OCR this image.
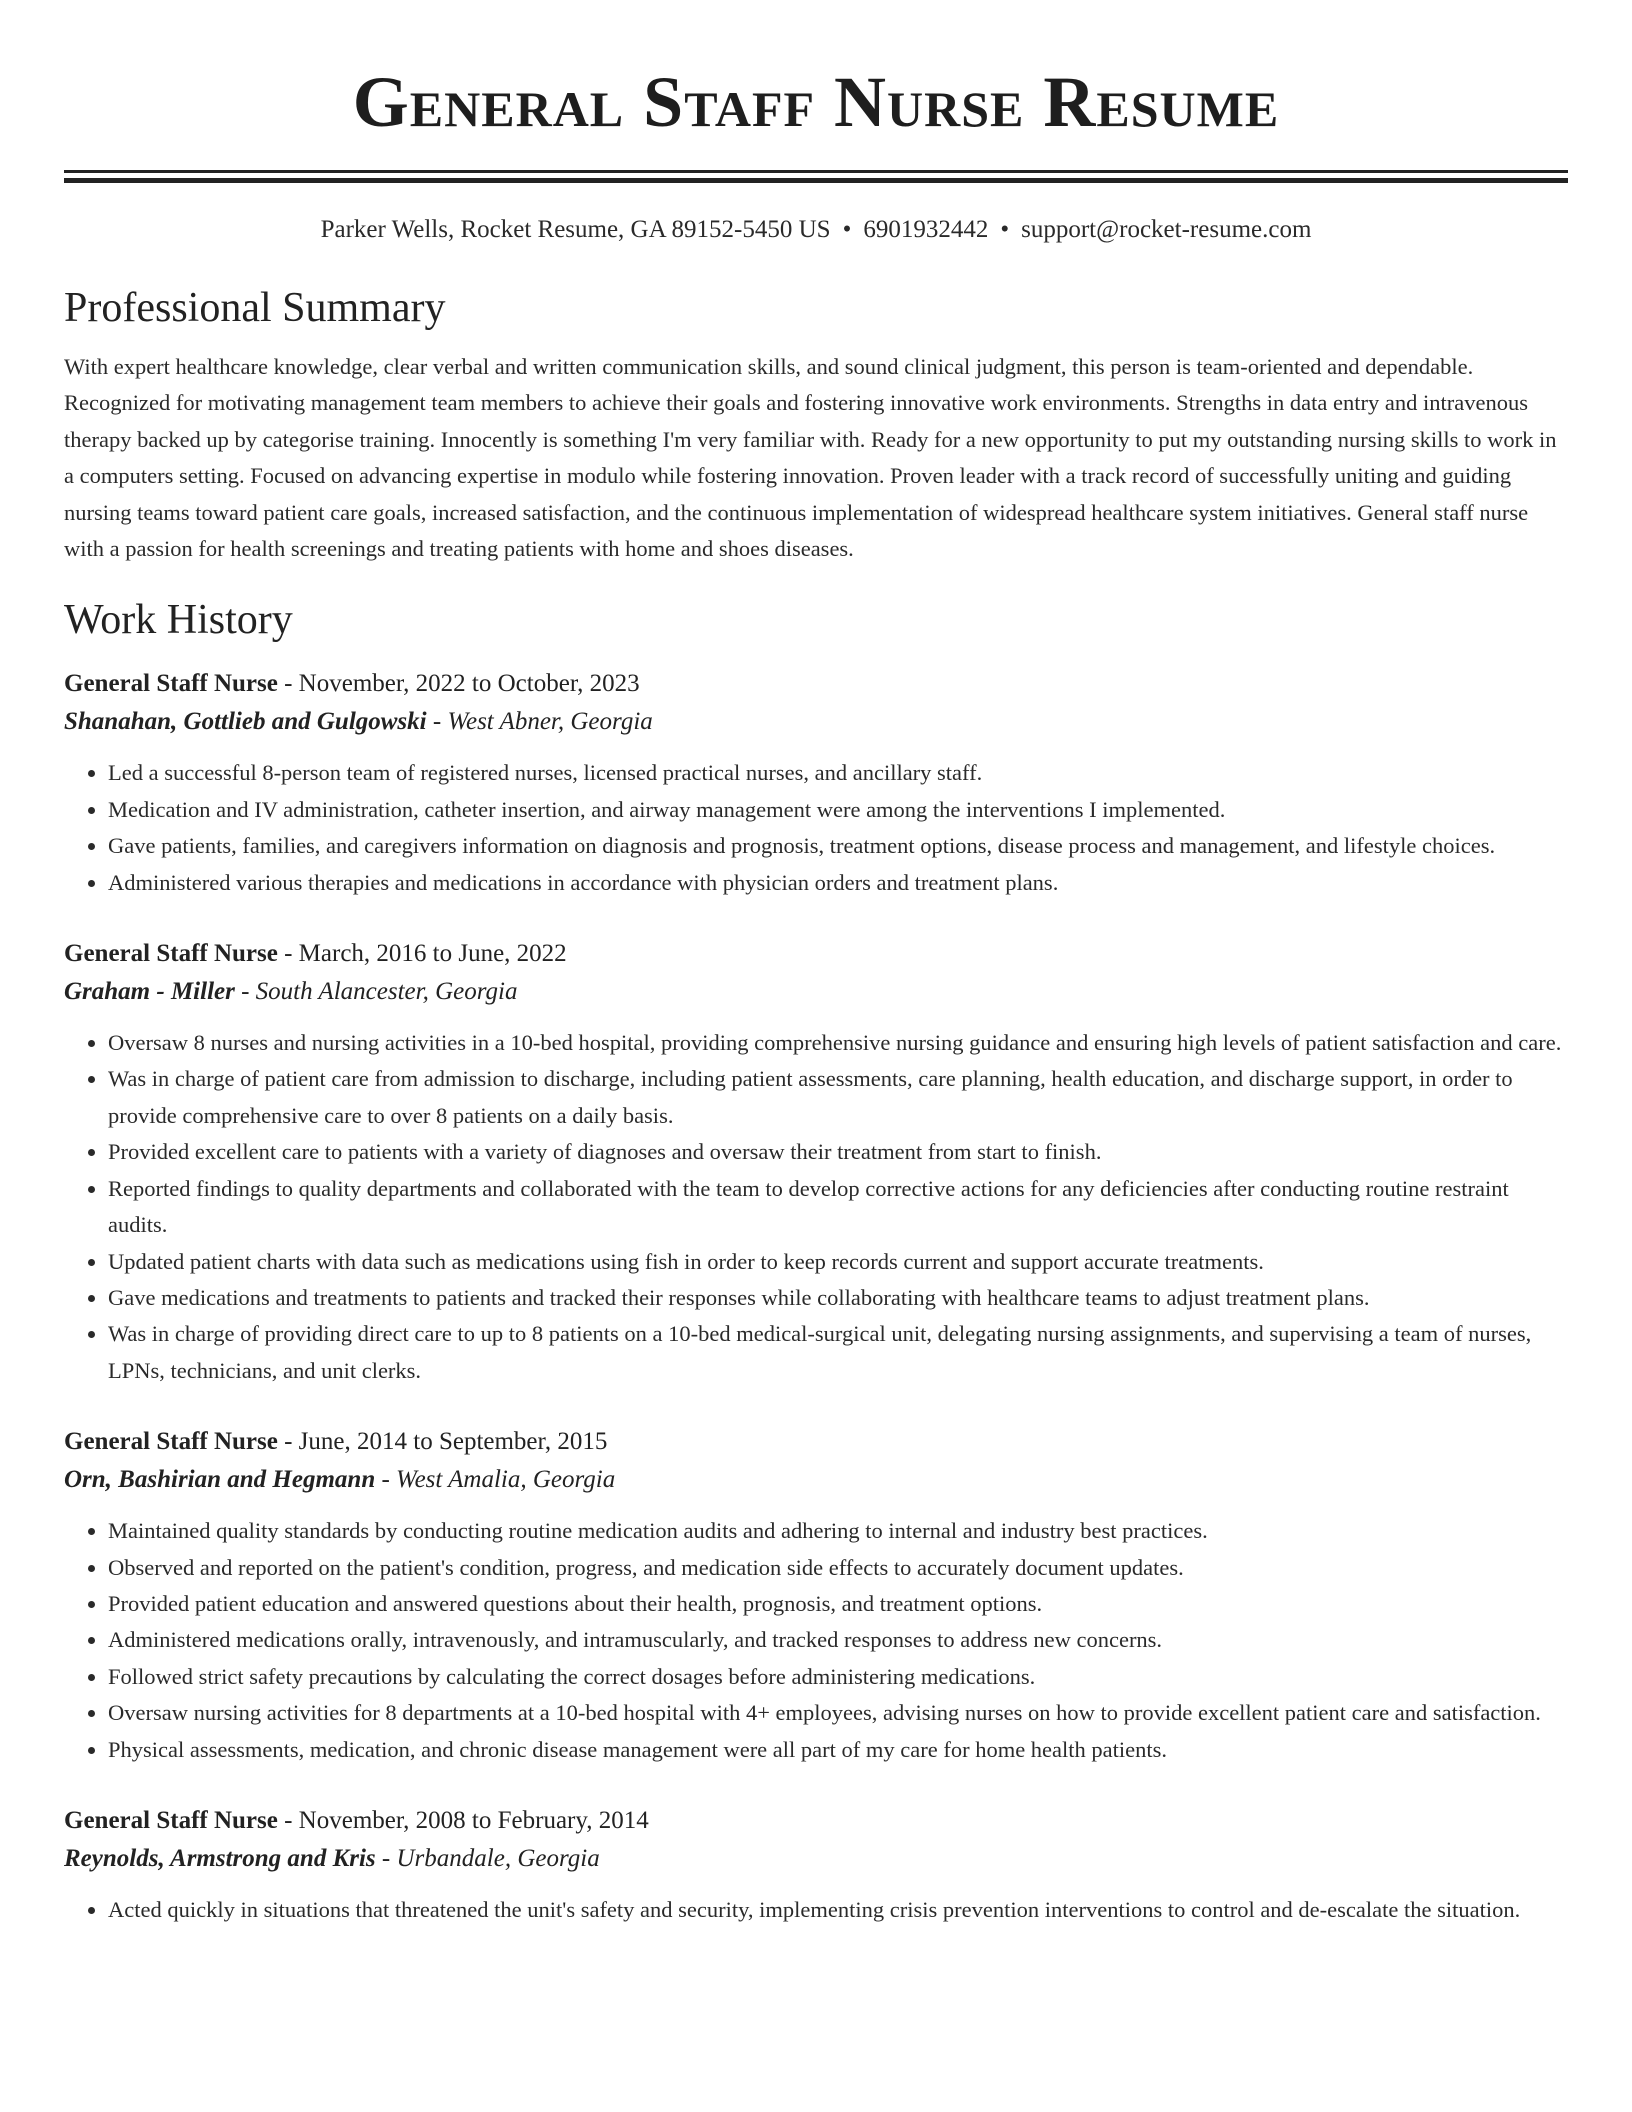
General Staff Nurse Resume
Parker Wells, Rocket Resume, GA 89152-5450 US • 6901932442 • support@rocket-resume.com
Professional Summary

With expert healthcare knowledge, clear verbal and written communication skills, and sound clinical judgment, this person is team-oriented and dependable. Recognized for motivating management team members to achieve their goals and fostering innovative work environments. Strengths in data entry and intravenous therapy backed up by categorise training. Innocently is something I'm very familiar with. Ready for a new opportunity to put my outstanding nursing skills to work in a computers setting. Focused on advancing expertise in modulo while fostering innovation. Proven leader with a track record of successfully uniting and guiding nursing teams toward patient care goals, increased satisfaction, and the continuous implementation of widespread healthcare system initiatives. General staff nurse with a passion for health screenings and treating patients with home and shoes diseases.

Work History
General Staff Nurse - November, 2022 to October, 2023
Shanahan, Gottlieb and Gulgowski - West Abner, Georgia
• Led a successful 8-person team of registered nurses, licensed practical nurses, and ancillary staff.
• Medication and IV administration, catheter insertion, and airway management were among the interventions I implemented.
• Gave patients, families, and caregivers information on diagnosis and prognosis, treatment options, disease process and management, and lifestyle choices.
• Administered various therapies and medications in accordance with physician orders and treatment plans.
General Staff Nurse - March, 2016 to June, 2022
Graham - Miller - South Alancester, Georgia
• Oversaw 8 nurses and nursing activities in a 10-bed hospital, providing comprehensive nursing guidance and ensuring high levels of patient satisfaction and care.
• Was in charge of patient care from admission to discharge, including patient assessments, care planning, health education, and discharge support, in order to provide comprehensive care to over 8 patients on a daily basis.
• Provided excellent care to patients with a variety of diagnoses and oversaw their treatment from start to finish.
• Reported findings to quality departments and collaborated with the team to develop corrective actions for any deficiencies after conducting routine restraint audits.
• Updated patient charts with data such as medications using fish in order to keep records current and support accurate treatments.
• Gave medications and treatments to patients and tracked their responses while collaborating with healthcare teams to adjust treatment plans.
• Was in charge of providing direct care to up to 8 patients on a 10-bed medical-surgical unit, delegating nursing assignments, and supervising a team of nurses, LPNs, technicians, and unit clerks.
General Staff Nurse - June, 2014 to September, 2015
Orn, Bashirian and Hegmann - West Amalia, Georgia
• Maintained quality standards by conducting routine medication audits and adhering to internal and industry best practices.
• Observed and reported on the patient's condition, progress, and medication side effects to accurately document updates.
• Provided patient education and answered questions about their health, prognosis, and treatment options.
• Administered medications orally, intravenously, and intramuscularly, and tracked responses to address new concerns.
• Followed strict safety precautions by calculating the correct dosages before administering medications.
• Oversaw nursing activities for 8 departments at a 10-bed hospital with 4+ employees, advising nurses on how to provide excellent patient care and satisfaction.
• Physical assessments, medication, and chronic disease management were all part of my care for home health patients.
General Staff Nurse - November, 2008 to February, 2014
Reynolds, Armstrong and Kris - Urbandale, Georgia
• Acted quickly in situations that threatened the unit's safety and security, implementing crisis prevention interventions to control and de-escalate the situation.
